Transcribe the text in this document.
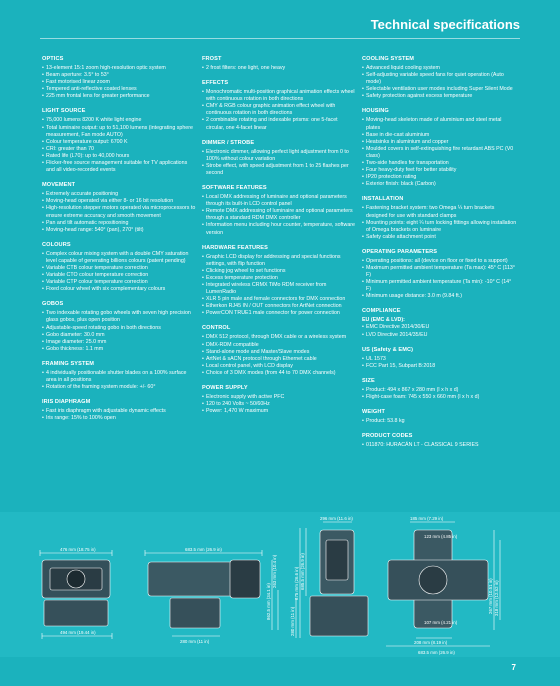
Technical specifications
OPTICS
• 13-element 15:1 zoom high-resolution optic system
• Beam aperture: 3.5° to 53°
• Fast motorised linear zoom
• Tempered anti-reflective coated lenses
• 225 mm frontal lens for greater performance
LIGHT SOURCE
• 75,000 lumens 8200 K white light engine
• Total luminaire output: up to 51,100 lumens (integrating sphere measurement, Fan mode AUTO)
• Colour temperature output: 6700 K
• CRI: greater than 70
• Rated life (L70): up to 40,000 hours
• Flicker-free source management suitable for TV applications and all video-recorded events
MOVEMENT
• Extremely accurate positioning
• Moving-head operated via either 8- or 16 bit resolution
• High-resolution stepper motors operated via microprocessors to ensure extreme accuracy and smooth movement
• Pan and tilt automatic repositioning
• Moving-head range: 540° (pan), 270° (tilt)
COLOURS
• Complex colour mixing system with a double CMY saturation level capable of generating billions colours (patent pending)
• Variable CTB colour temperature correction
• Variable CTO colour temperature correction
• Variable CTP colour temperature correction
• Fixed colour wheel with six complementary colours
GOBOS
• Two indexable rotating gobo wheels with seven high precision glass gobos, plus open position
• Adjustable-speed rotating gobo in both directions
• Gobo diameter: 30.0 mm
• Image diameter: 25.0 mm
• Gobo thickness: 1.1 mm
FRAMING SYSTEM
• 4 individually positionable shutter blades on a 100% surface area in all positions
• Rotation of the framing system module: +/- 60°
IRIS DIAPHRAGM
• Fast iris diaphragm with adjustable dynamic effects
• Iris range: 15% to 100% open
FROST
• 2 frost filters: one light, one heavy
EFFECTS
• Monochromatic multi-position graphical animation effects wheel with continuous rotation in both directions
• CMY & RGB colour graphic animation effect wheel with continuous rotation in both directions
• 2 combinable rotating and indexable prisms: one 5-facet circular, one 4-facet linear
DIMMER / STROBE
• Electronic dimmer, allowing perfect light adjustment from 0 to 100% without colour variation
• Strobe effect, with speed adjustment from 1 to 25 flashes per second
SOFTWARE FEATURES
• Local DMX addressing of luminaire and optional parameters through its built-in LCD control panel
• Remote DMX addressing of luminaire and optional parameters through a standard RDM DMX controller
• Information menu including hour counter, temperature, software version
HARDWARE FEATURES
• Graphic LCD display for addressing and special functions settings, with flip function
• Clicking jog wheel to set functions
• Excess temperature protection
• Integrated wireless CRMX TiMo RDM receiver from LumenRadio
• XLR 5 pin male and female connectors for DMX connection
• Etherkon RJ45 IN / OUT connectors for ArtNet connection
• PowerCON TRUE1 male connector for power connection
CONTROL
• DMX 512 protocol, through DMX cable or a wireless system
• DMX-RDM compatible
• Stand-alone mode and Master/Slave modes
• ArtNet & sACN protocol through Ethernet cable
• Local control panel, with LCD display
• Choice of 3 DMX modes (from 44 to 70 DMX channels)
POWER SUPPLY
• Electronic supply with active PFC
• 120 to 240 Volts ~ 50/60Hz
• Power: 1,470 W maximum
COOLING SYSTEM
• Advanced liquid cooling system
• Self-adjusting variable speed fans for quiet operation (Auto mode)
• Selectable ventilation user modes including Super Silent Mode
• Safety protection against excess temperature
HOUSING
• Moving-head skeleton made of aluminium and steel metal plates
• Base in die-cast aluminium
• Heatsinks in aluminium and copper
• Moulded covers in self-extinguishing fire retardant ABS PC (V0 class)
• Two-side handles for transportation
• Four heavy-duty feet for better stability
• IP20 protection rating
• Exterior finish: black (Carbon)
INSTALLATION
• Fastening bracket system: two Omega ¼ turn brackets designed for use with standard clamps
• Mounting points: eight ¼ turn locking fittings allowing installation of Omega brackets on luminaire
• Safety cable attachment point
OPERATING PARAMETERS
• Operating positions: all (device on floor or fixed to a support)
• Maximum permitted ambient temperature (Ta max): 45° C (113° F)
• Minimum permitted ambient temperature (Ta min): -10° C (14° F)
• Minimum usage distance: 3.0 m (9.84 ft.)
COMPLIANCE
EU (EMC & LVD):
• EMC Directive 2014/30/EU
• LVD Directive 2014/35/EU
US (Safety & EMC)
• UL 1573
• FCC Part 15, Subpart B:2018
SIZE
• Product: 494 x 867 x 280 mm (l x h x d)
• Flight-case foam: 745 x 550 x 660 mm (l x h x d)
WEIGHT
• Product: 53.8 kg
PRODUCT CODES
• 011870: HURACÁN LT - CLASSICAL 9 SERIES
476 mm (18.75 in)
494 mm (19.44 in)
683.5 mm (26.9 in)
280 mm (11 in)
296 mm (11.6 in)	185 mm (7.29 in)
208 mm (8.19 in)
683.5 mm (26.9 in)
123 mm (4.85 in)
107 mm (4.21 in)
862.5 mm (34.1 in)
263 mm (10.4 in)	675 mm (26.6 in) 685.5 mm (26.9 in)
280 mm (11 in)
267 mm (10.51 in) 318 mm (12.52 in)
7
